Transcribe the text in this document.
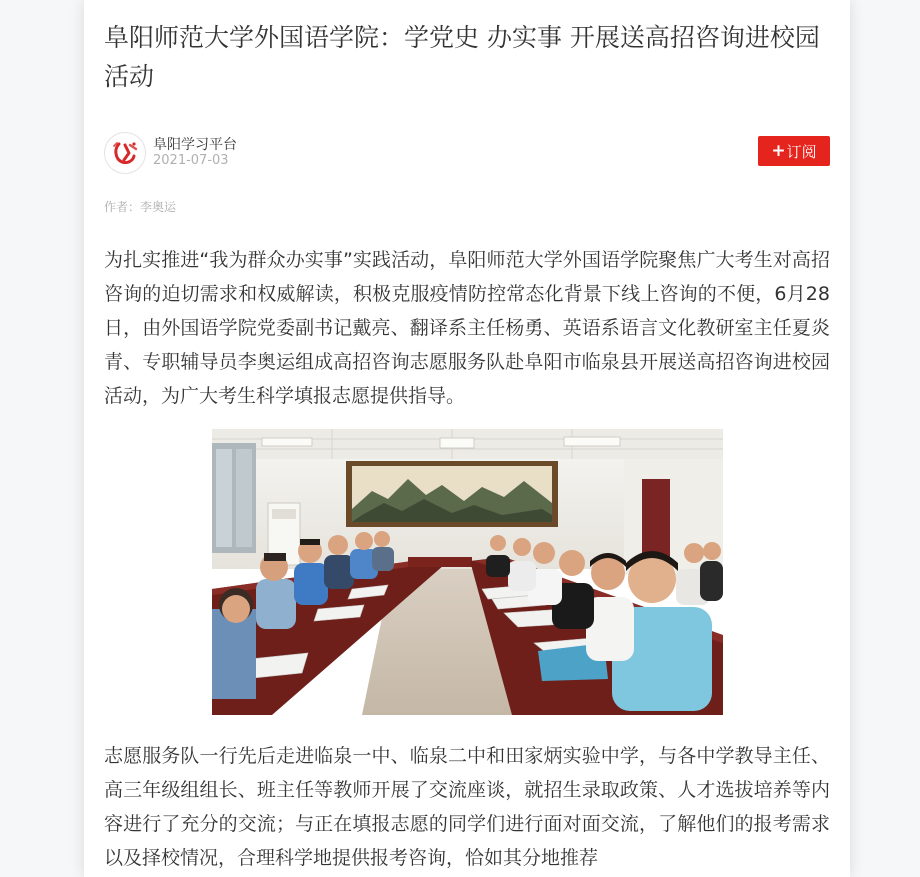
阜阳师范大学外国语学院：学党史 办实事 开展送高招咨询进校园活动
阜阳学习平台
2021-07-03	+ 订阅
作者：李奥运

为扎实推进“我为群众办实事”实践活动，阜阳师范大学外国语学院聚焦广大考生对高招咨询的迫切需求和权威解读，积极克服疫情防控常态化背景下线上咨询的不便，6月28日，由外国语学院党委副书记戴亮、翻译系主任杨勇、英语系语言文化教研室主任夏炎青、专职辅导员李奥运组成高招咨询志愿服务队赴阜阳市临泉县开展送高招咨询进校园活动，为广大考生科学填报志愿提供指导。

志愿服务队一行先后走进临泉一中、临泉二中和田家炳实验中学，与各中学教导主任、高三年级组组长、班主任等教师开展了交流座谈，就招生录取政策、人才选拔培养等内容进行了充分的交流；与正在填报志愿的同学们进行面对面交流，了解他们的报考需求以及择校情况，合理科学地提供报考咨询，恰如其分地推荐
